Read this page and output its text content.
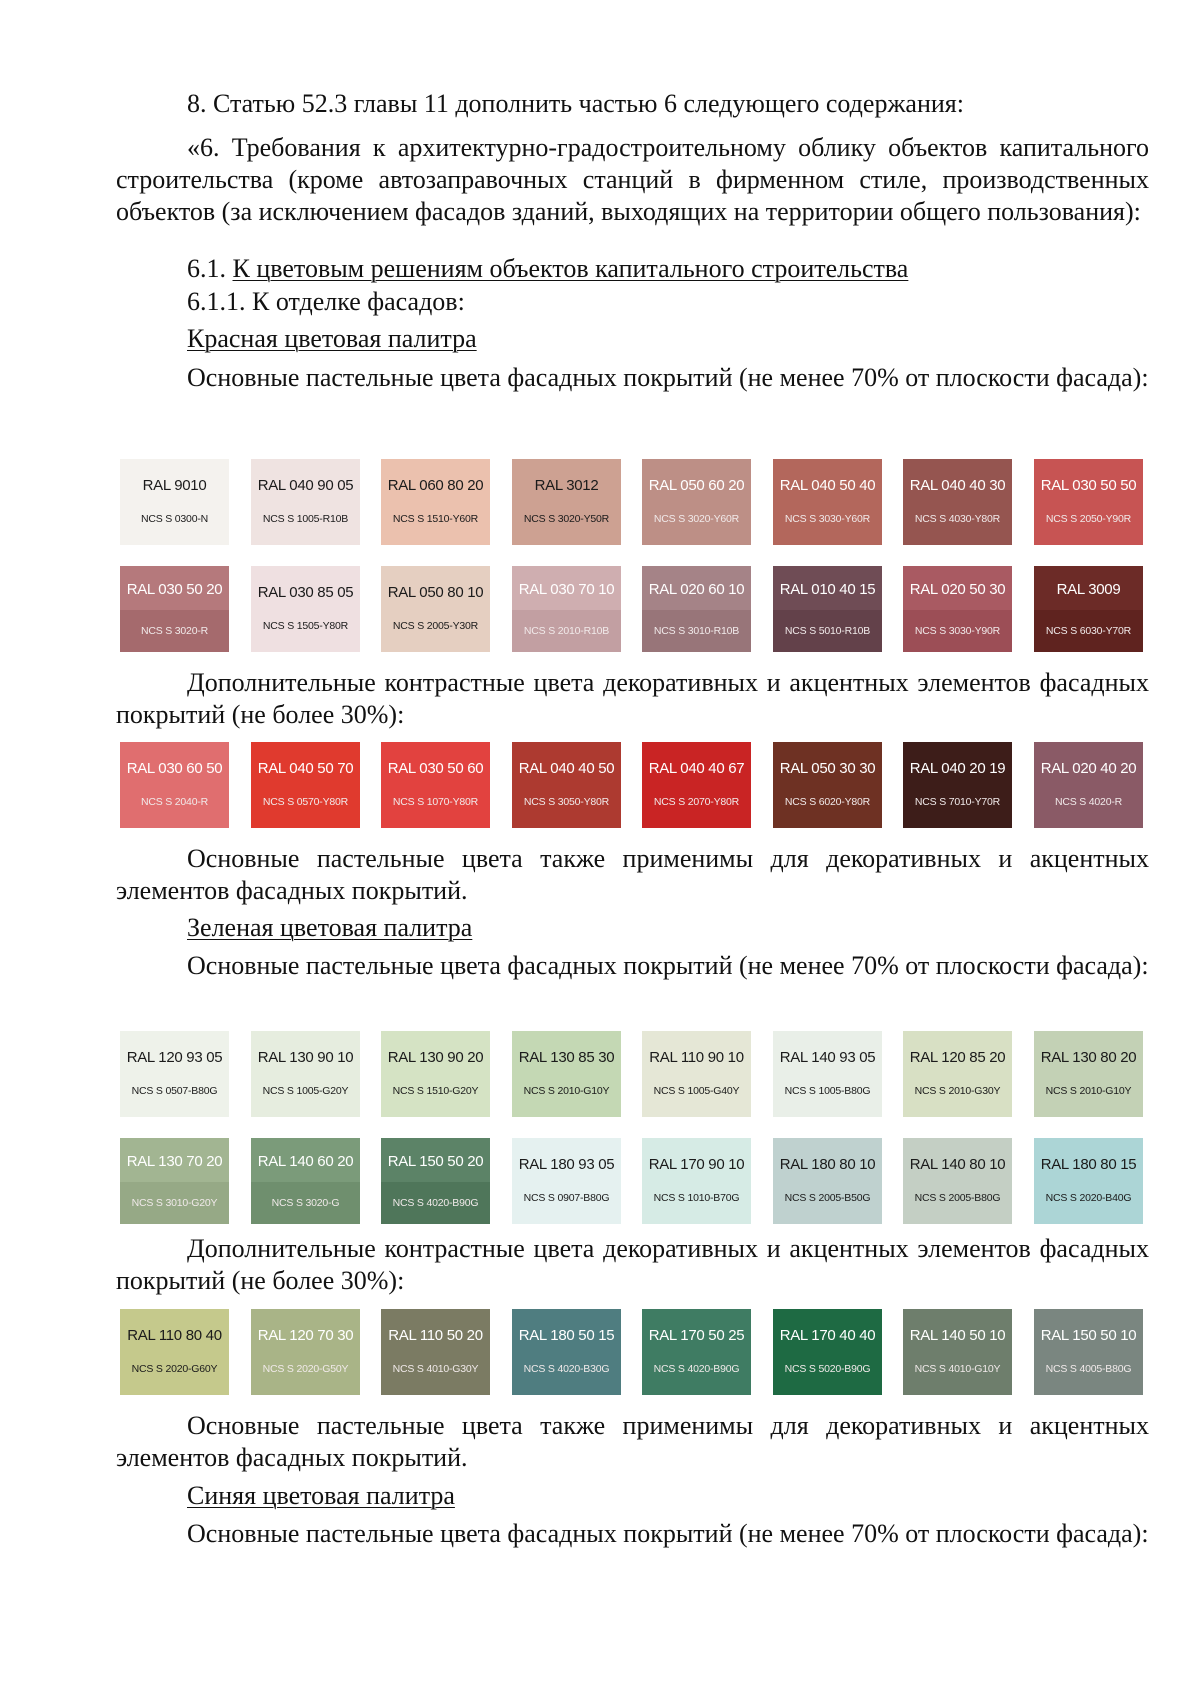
8. Статью 52.3 главы 11 дополнить частью 6 следующего содержания:

«6. Требования к архитектурно-градостроительному облику объектов капитального строительства (кроме автозаправочных станций в фирменном стиле, производственных объектов (за исключением фасадов зданий, выходящих на территории общего пользования):

6.1. К цветовым решениям объектов капитального строительства

6.1.1. К отделке фасадов:

Красная цветовая палитра

Основные пастельные цвета фасадных покрытий (не менее 70% от плоскости фасада):

RAL 9010
NCS S 0300-N
RAL 040 90 05
NCS S 1005-R10B
RAL 060 80 20
NCS S 1510-Y60R
RAL 3012
NCS S 3020-Y50R
RAL 050 60 20
NCS S 3020-Y60R
RAL 040 50 40
NCS S 3030-Y60R
RAL 040 40 30
NCS S 4030-Y80R
RAL 030 50 50
NCS S 2050-Y90R
RAL 030 50 20
NCS S 3020-R
RAL 030 85 05
NCS S 1505-Y80R
RAL 050 80 10
NCS S 2005-Y30R
RAL 030 70 10
NCS S 2010-R10B
RAL 020 60 10
NCS S 3010-R10B
RAL 010 40 15
NCS S 5010-R10B
RAL 020 50 30
NCS S 3030-Y90R
RAL 3009
NCS S 6030-Y70R

Дополнительные контрастные цвета декоративных и акцентных элементов фасадных покрытий (не более 30%):

RAL 030 60 50
NCS S 2040-R
RAL 040 50 70
NCS S 0570-Y80R
RAL 030 50 60
NCS S 1070-Y80R
RAL 040 40 50
NCS S 3050-Y80R
RAL 040 40 67
NCS S 2070-Y80R
RAL 050 30 30
NCS S 6020-Y80R
RAL 040 20 19
NCS S 7010-Y70R
RAL 020 40 20
NCS S 4020-R

Основные пастельные цвета также применимы для декоративных и акцентных элементов фасадных покрытий.

Зеленая цветовая палитра

Основные пастельные цвета фасадных покрытий (не менее 70% от плоскости фасада):

RAL 120 93 05
NCS S 0507-B80G
RAL 130 90 10
NCS S 1005-G20Y
RAL 130 90 20
NCS S 1510-G20Y
RAL 130 85 30
NCS S 2010-G10Y
RAL 110 90 10
NCS S 1005-G40Y
RAL 140 93 05
NCS S 1005-B80G
RAL 120 85 20
NCS S 2010-G30Y
RAL 130 80 20
NCS S 2010-G10Y
RAL 130 70 20
NCS S 3010-G20Y
RAL 140 60 20
NCS S 3020-G
RAL 150 50 20
NCS S 4020-B90G
RAL 180 93 05
NCS S 0907-B80G
RAL 170 90 10
NCS S 1010-B70G
RAL 180 80 10
NCS S 2005-B50G
RAL 140 80 10
NCS S 2005-B80G
RAL 180 80 15
NCS S 2020-B40G

Дополнительные контрастные цвета декоративных и акцентных элементов фасадных покрытий (не более 30%):

RAL 110 80 40
NCS S 2020-G60Y
RAL 120 70 30
NCS S 2020-G50Y
RAL 110 50 20
NCS S 4010-G30Y
RAL 180 50 15
NCS S 4020-B30G
RAL 170 50 25
NCS S 4020-B90G
RAL 170 40 40
NCS S 5020-B90G
RAL 140 50 10
NCS S 4010-G10Y
RAL 150 50 10
NCS S 4005-B80G

Основные пастельные цвета также применимы для декоративных и акцентных элементов фасадных покрытий.

Синяя цветовая палитра

Основные пастельные цвета фасадных покрытий (не менее 70% от плоскости фасада):
